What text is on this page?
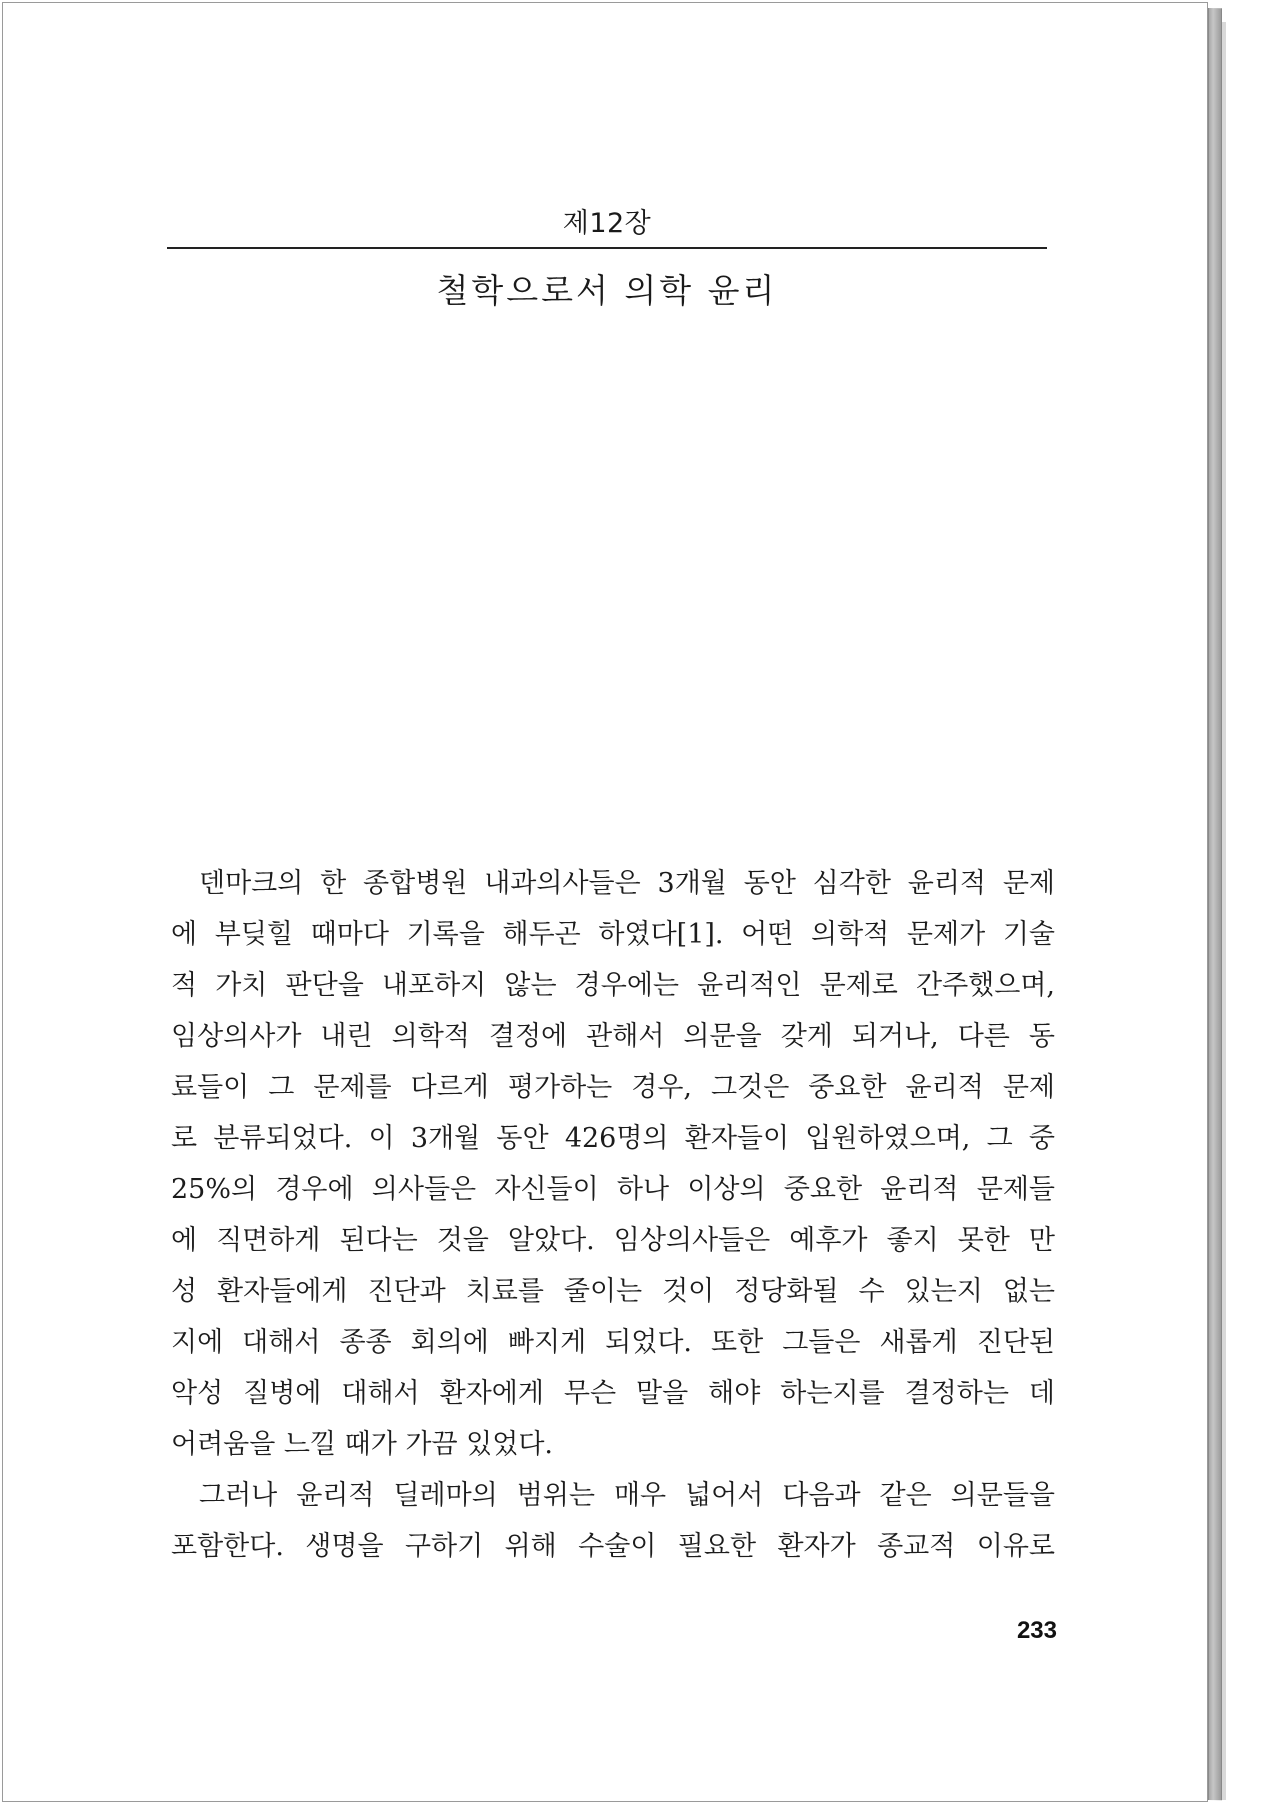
제12장
철학으로서 의학 윤리
덴마크의 한 종합병원 내과의사들은 3개월 동안 심각한 윤리적 문제
에 부딪힐 때마다 기록을 해두곤 하였다[1]. 어떤 의학적 문제가 기술
적 가치 판단을 내포하지 않는 경우에는 윤리적인 문제로 간주했으며,
임상의사가 내린 의학적 결정에 관해서 의문을 갖게 되거나, 다른 동
료들이 그 문제를 다르게 평가하는 경우, 그것은 중요한 윤리적 문제
로 분류되었다. 이 3개월 동안 426명의 환자들이 입원하였으며, 그 중
25%의 경우에 의사들은 자신들이 하나 이상의 중요한 윤리적 문제들
에 직면하게 된다는 것을 알았다. 임상의사들은 예후가 좋지 못한 만
성 환자들에게 진단과 치료를 줄이는 것이 정당화될 수 있는지 없는
지에 대해서 종종 회의에 빠지게 되었다. 또한 그들은 새롭게 진단된
악성 질병에 대해서 환자에게 무슨 말을 해야 하는지를 결정하는 데
어려움을 느낄 때가 가끔 있었다.
그러나 윤리적 딜레마의 범위는 매우 넓어서 다음과 같은 의문들을
포함한다. 생명을 구하기 위해 수술이 필요한 환자가 종교적 이유로
233
